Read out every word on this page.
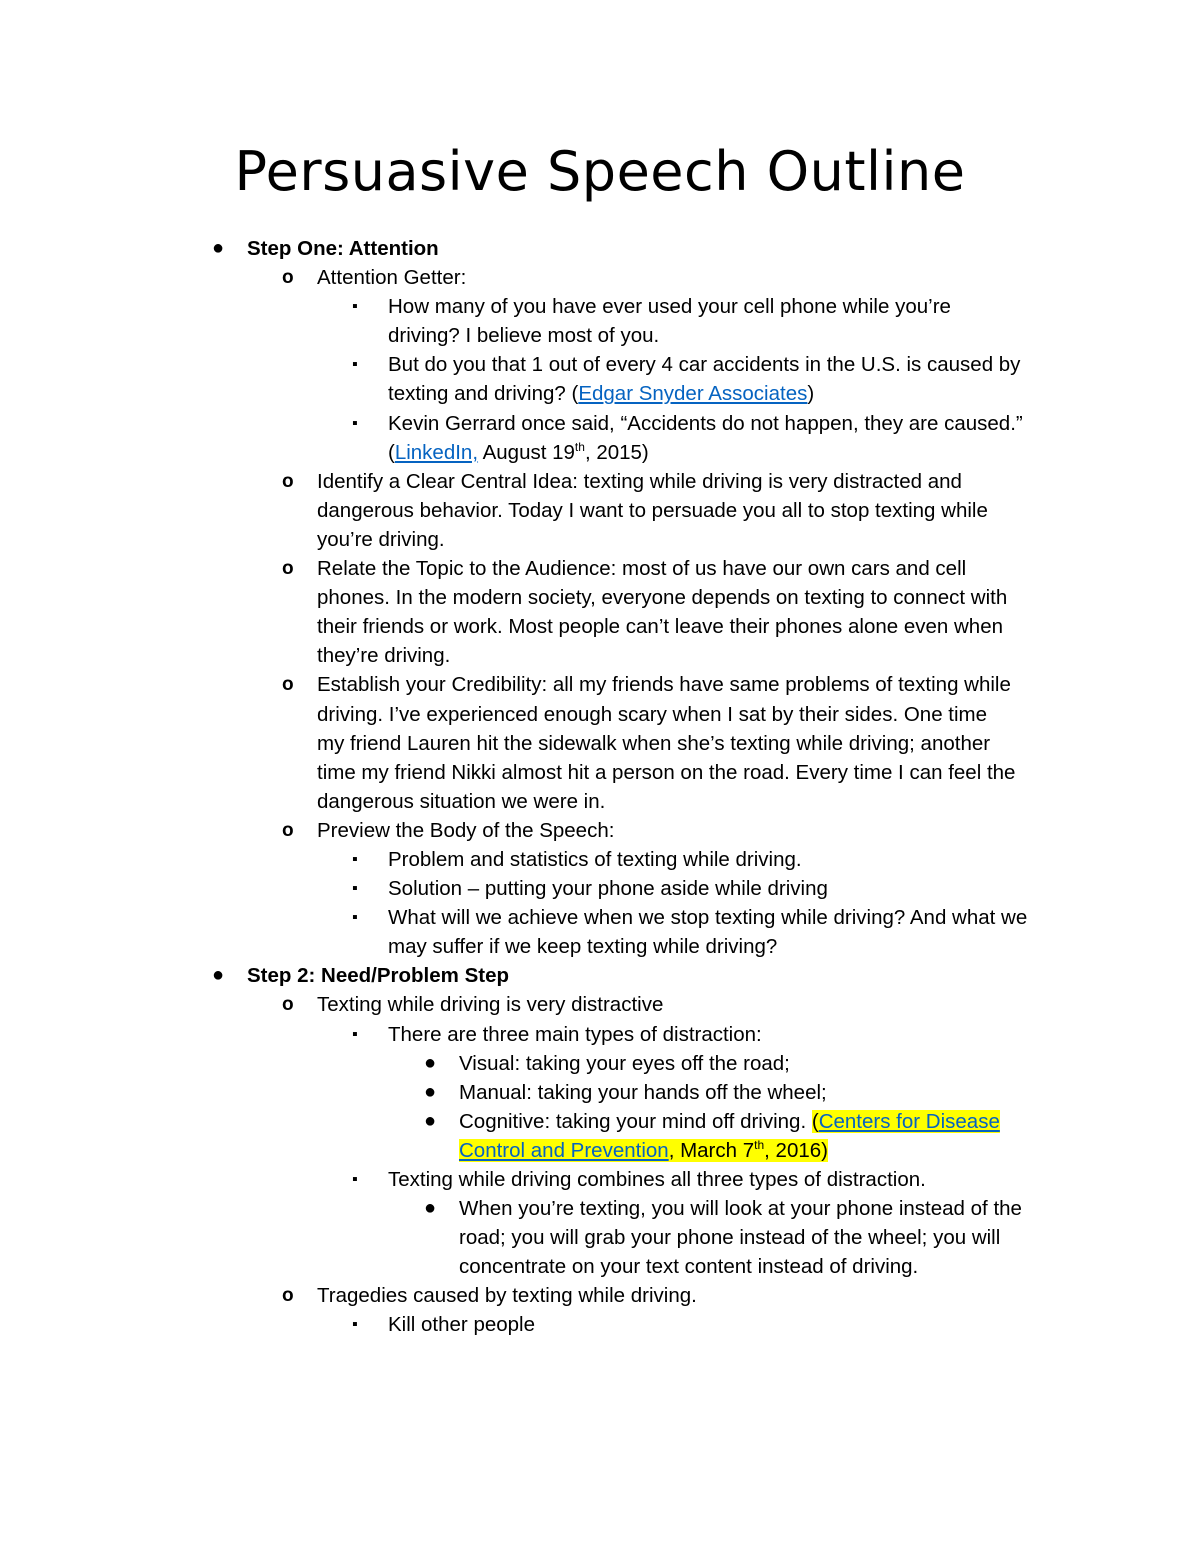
Persuasive Speech Outline
● Step One: Attention
o Attention Getter:
▪ How many of you have ever used your cell phone while you’re driving? I believe most of you.
▪ But do you that 1 out of every 4 car accidents in the U.S. is caused by texting and driving? (Edgar Snyder Associates)
▪ Kevin Gerrard once said, “Accidents do not happen, they are caused.” (LinkedIn, August 19th, 2015)
o Identify a Clear Central Idea: texting while driving is very distracted and dangerous behavior. Today I want to persuade you all to stop texting while you’re driving.
o Relate the Topic to the Audience: most of us have our own cars and cell phones. In the modern society, everyone depends on texting to connect with their friends or work. Most people can’t leave their phones alone even when they’re driving.
o Establish your Credibility: all my friends have same problems of texting while driving. I’ve experienced enough scary when I sat by their sides. One time my friend Lauren hit the sidewalk when she’s texting while driving; another time my friend Nikki almost hit a person on the road. Every time I can feel the dangerous situation we were in.
o Preview the Body of the Speech:
▪ Problem and statistics of texting while driving.
▪ Solution – putting your phone aside while driving
▪ What will we achieve when we stop texting while driving? And what we may suffer if we keep texting while driving?
● Step 2: Need/Problem Step
o Texting while driving is very distractive
▪ There are three main types of distraction:
● Visual: taking your eyes off the road;
● Manual: taking your hands off the wheel;
● Cognitive: taking your mind off driving. (Centers for Disease Control and Prevention, March 7th, 2016)
▪ Texting while driving combines all three types of distraction.
● When you’re texting, you will look at your phone instead of the road; you will grab your phone instead of the wheel; you will concentrate on your text content instead of driving.
o Tragedies caused by texting while driving.
▪ Kill other people
